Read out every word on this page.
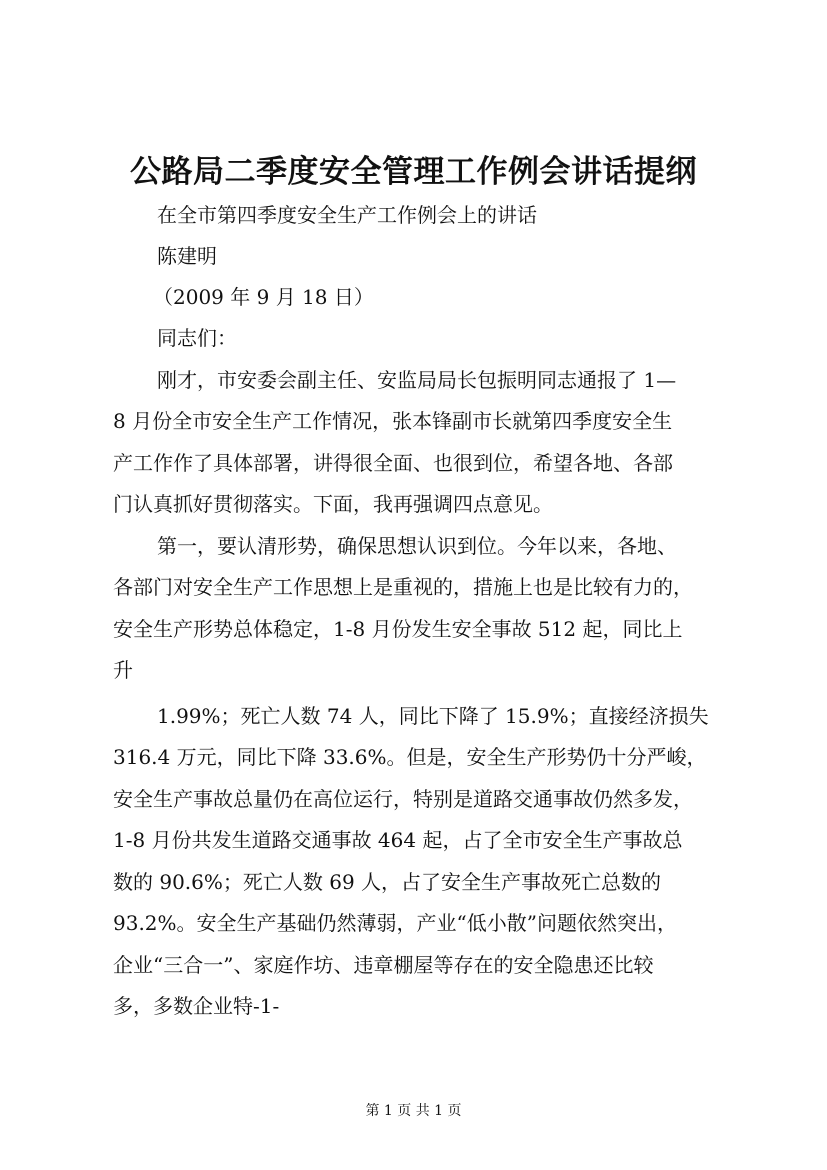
公路局二季度安全管理工作例会讲话提纲
在全市第四季度安全生产工作例会上的讲话
陈建明
（2009 年 9 月 18 日）
同志们：
刚才，市安委会副主任、安监局局长包振明同志通报了 1—
8 月份全市安全生产工作情况，张本锋副市长就第四季度安全生
产工作作了具体部署，讲得很全面、也很到位，希望各地、各部
门认真抓好贯彻落实。下面，我再强调四点意见。
第一，要认清形势，确保思想认识到位。今年以来，各地、
各部门对安全生产工作思想上是重视的，措施上也是比较有力的，
安全生产形势总体稳定，1-8 月份发生安全事故 512 起，同比上
升
1.99%；死亡人数 74 人，同比下降了 15.9%；直接经济损失
316.4 万元，同比下降 33.6%。但是，安全生产形势仍十分严峻，
安全生产事故总量仍在高位运行，特别是道路交通事故仍然多发，
1-8 月份共发生道路交通事故 464 起，占了全市安全生产事故总
数的 90.6%；死亡人数 69 人，占了安全生产事故死亡总数的
93.2%。安全生产基础仍然薄弱，产业“低小散”问题依然突出，
企业“三合一”、家庭作坊、违章棚屋等存在的安全隐患还比较
多，多数企业特-1-
第 1 页 共 1 页
